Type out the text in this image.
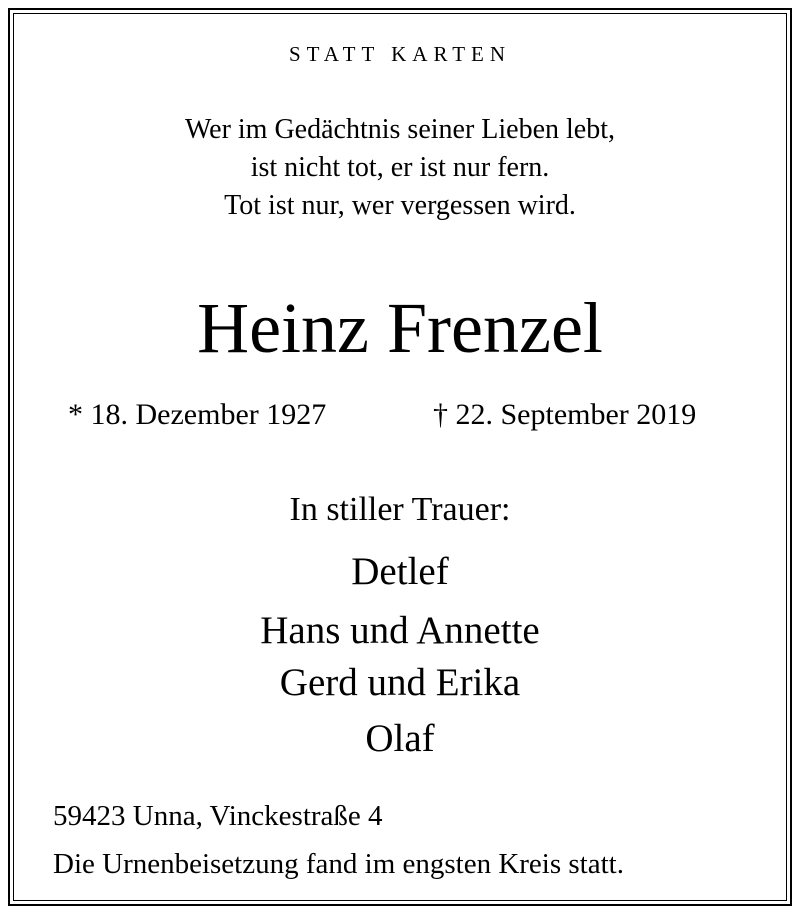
STATT KARTEN
Wer im Gedächtnis seiner Lieben lebt,
ist nicht tot, er ist nur fern.
Tot ist nur, wer vergessen wird.
Heinz Frenzel
* 18. Dezember 1927	† 22. September 2019
In stiller Trauer:
Detlef
Hans und Annette
Gerd und Erika
Olaf
59423 Unna, Vinckestraße 4
Die Urnenbeisetzung fand im engsten Kreis statt.
